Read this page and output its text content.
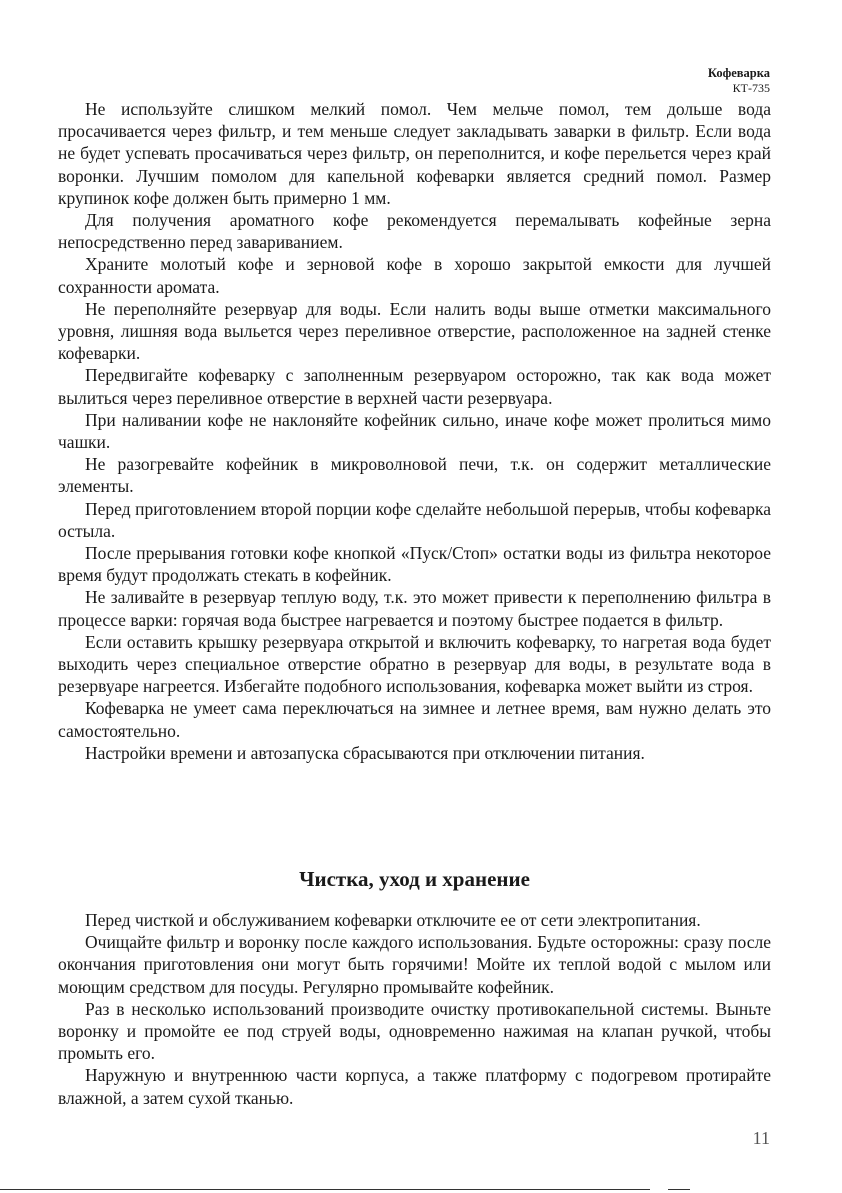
Кофеварка
КТ-735

Не используйте слишком мелкий помол. Чем мельче помол, тем дольше вода просачивается через фильтр, и тем меньше следует закладывать заварки в фильтр. Если вода не будет успевать просачиваться через фильтр, он переполнится, и кофе перельется через край воронки. Лучшим помолом для капельной кофеварки является средний помол. Размер крупинок кофе должен быть примерно 1 мм.

Для получения ароматного кофе рекомендуется перемалывать кофейные зерна непосредственно перед завариванием.

Храните молотый кофе и зерновой кофе в хорошо закрытой емкости для лучшей сохранности аромата.

Не переполняйте резервуар для воды. Если налить воды выше отметки максимального уровня, лишняя вода выльется через переливное отверстие, расположенное на задней стенке кофеварки.

Передвигайте кофеварку с заполненным резервуаром осторожно, так как вода может вылиться через переливное отверстие в верхней части резервуара.

При наливании кофе не наклоняйте кофейник сильно, иначе кофе может пролиться мимо чашки.

Не разогревайте кофейник в микроволновой печи, т.к. он содержит металлические элементы.

Перед приготовлением второй порции кофе сделайте небольшой перерыв, чтобы кофеварка остыла.

После прерывания готовки кофе кнопкой «Пуск/Стоп» остатки воды из фильтра некоторое время будут продолжать стекать в кофейник.

Не заливайте в резервуар теплую воду, т.к. это может привести к переполнению фильтра в процессе варки: горячая вода быстрее нагревается и поэтому быстрее подается в фильтр.

Если оставить крышку резервуара открытой и включить кофеварку, то нагретая вода будет выходить через специальное отверстие обратно в резервуар для воды, в результате вода в резервуаре нагреется. Избегайте подобного использования, кофеварка может выйти из строя.

Кофеварка не умеет сама переключаться на зимнее и летнее время, вам нужно делать это самостоятельно.

Настройки времени и автозапуска сбрасываются при отключении питания.

Чистка, уход и хранение

Перед чисткой и обслуживанием кофеварки отключите ее от сети электропитания.

Очищайте фильтр и воронку после каждого использования. Будьте осторожны: сразу после окончания приготовления они могут быть горячими! Мойте их теплой водой с мылом или моющим средством для посуды. Регулярно промывайте кофейник.

Раз в несколько использований производите очистку противокапельной системы. Выньте воронку и промойте ее под струей воды, одновременно нажимая на клапан ручкой, чтобы промыть его.

Наружную и внутреннюю части корпуса, а также платформу с подогревом протирайте влажной, а затем сухой тканью.

11
